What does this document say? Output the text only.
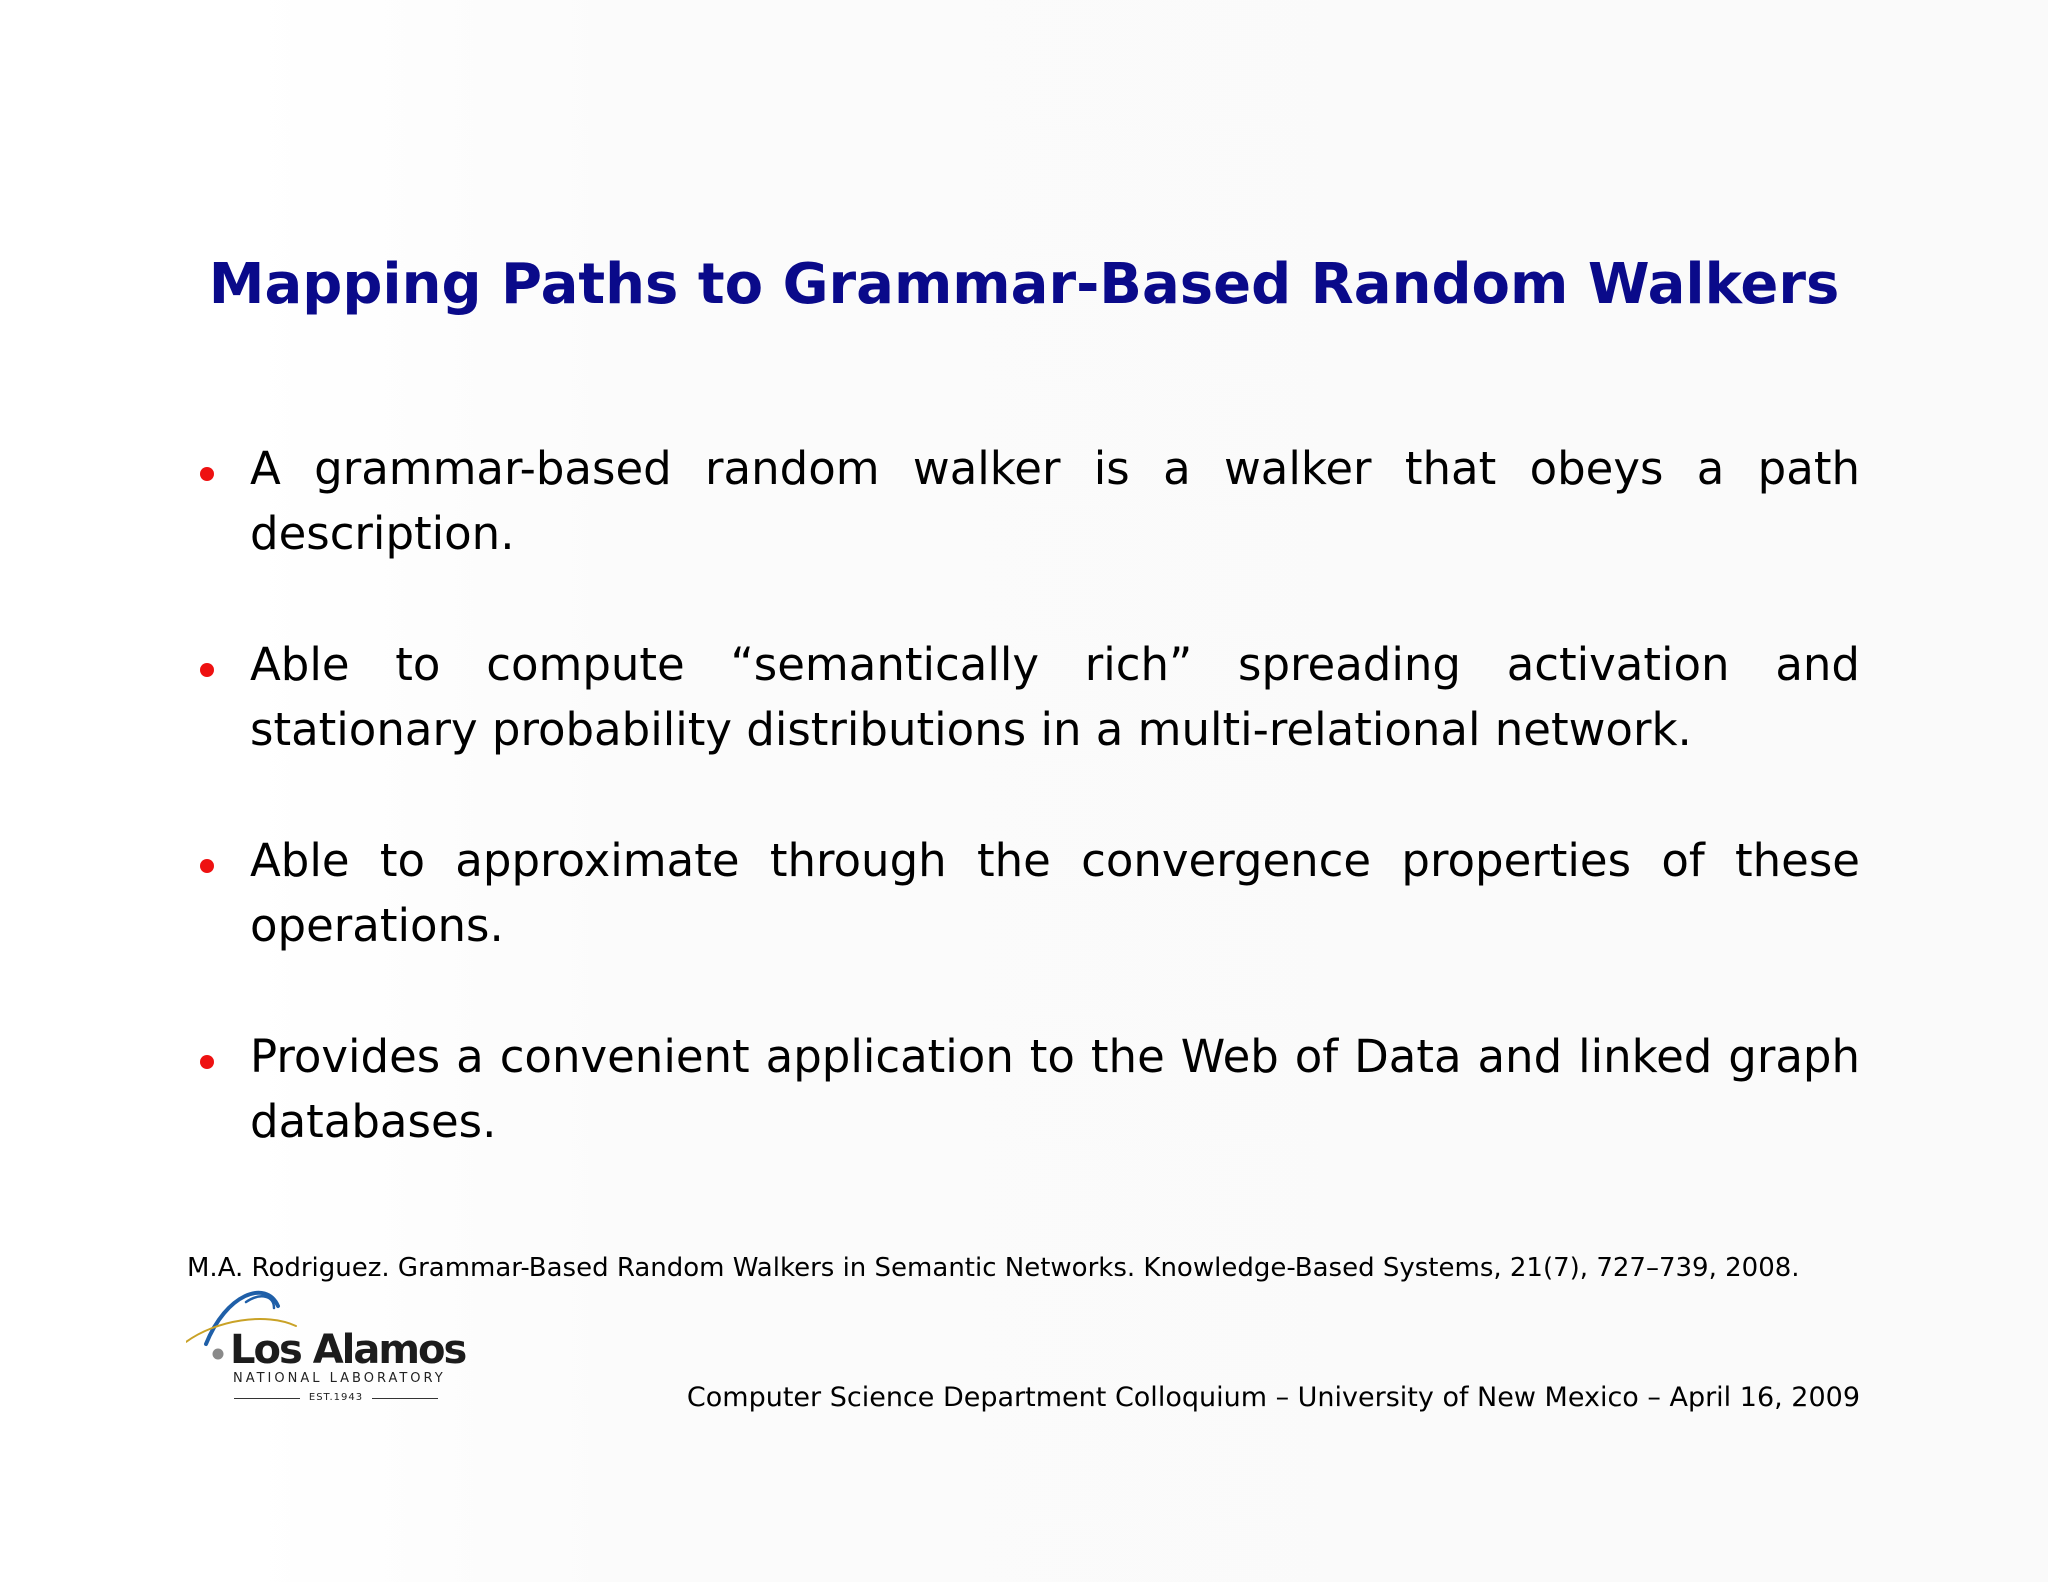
Mapping Paths to Grammar-Based Random Walkers
A grammar-based random walker is a walker that obeys a path description.
Able to compute “semantically rich” spreading activation and stationary probability distributions in a multi-relational network.
Able to approximate through the convergence properties of these operations.
Provides a convenient application to the Web of Data and linked graph databases.
M.A. Rodriguez. Grammar-Based Random Walkers in Semantic Networks. Knowledge-Based Systems, 21(7), 727–739, 2008.
Los Alamos
NATIONAL LABORATORY
EST.1943	Computer Science Department Colloquium – University of New Mexico – April 16, 2009
